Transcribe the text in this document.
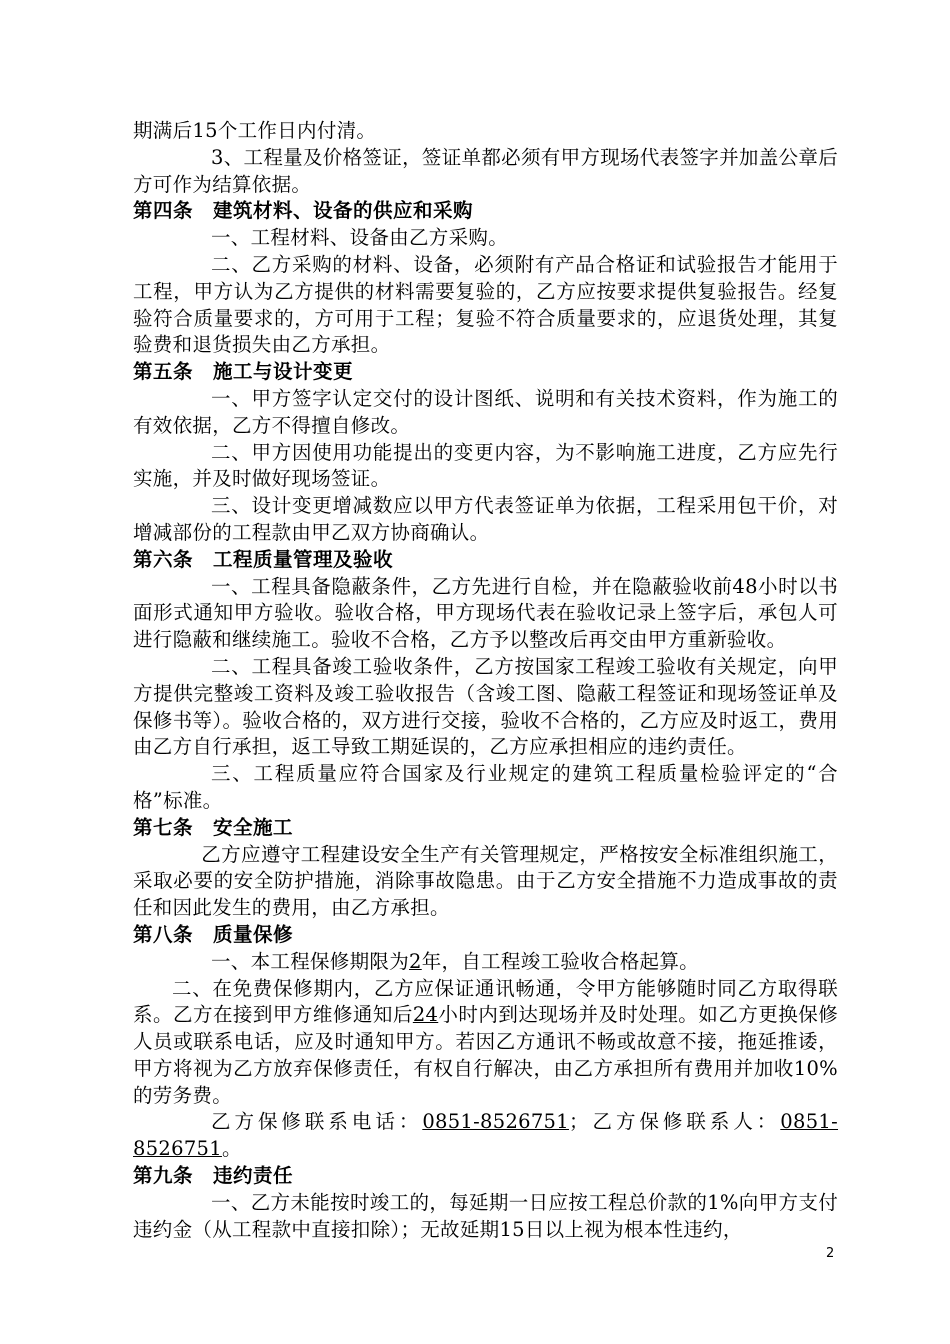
期满后15个工作日内付清。

3、工程量及价格签证，签证单都必须有甲方现场代表签字并加盖公章后方可作为结算依据。

第四条　建筑材料、设备的供应和采购

一、工程材料、设备由乙方采购。

二、乙方采购的材料、设备，必须附有产品合格证和试验报告才能用于工程，甲方认为乙方提供的材料需要复验的，乙方应按要求提供复验报告。经复验符合质量要求的，方可用于工程；复验不符合质量要求的，应退货处理，其复验费和退货损失由乙方承担。

第五条　施工与设计变更

一、甲方签字认定交付的设计图纸、说明和有关技术资料，作为施工的有效依据，乙方不得擅自修改。

二、甲方因使用功能提出的变更内容，为不影响施工进度，乙方应先行实施，并及时做好现场签证。

三、设计变更增减数应以甲方代表签证单为依据，工程采用包干价，对增减部份的工程款由甲乙双方协商确认。

第六条　工程质量管理及验收

一、工程具备隐蔽条件，乙方先进行自检，并在隐蔽验收前48小时以书面形式通知甲方验收。验收合格，甲方现场代表在验收记录上签字后，承包人可进行隐蔽和继续施工。验收不合格，乙方予以整改后再交由甲方重新验收。

二、工程具备竣工验收条件，乙方按国家工程竣工验收有关规定，向甲方提供完整竣工资料及竣工验收报告（含竣工图、隐蔽工程签证和现场签证单及保修书等）。验收合格的，双方进行交接，验收不合格的，乙方应及时返工，费用由乙方自行承担，返工导致工期延误的，乙方应承担相应的违约责任。

三、工程质量应符合国家及行业规定的建筑工程质量检验评定的“合格”标准。

第七条　安全施工

乙方应遵守工程建设安全生产有关管理规定，严格按安全标准组织施工，采取必要的安全防护措施，消除事故隐患。由于乙方安全措施不力造成事故的责任和因此发生的费用，由乙方承担。

第八条　质量保修

一、本工程保修期限为2年，自工程竣工验收合格起算。

二、在免费保修期内，乙方应保证通讯畅通，令甲方能够随时同乙方取得联系。乙方在接到甲方维修通知后24小时内到达现场并及时处理。如乙方更换保修人员或联系电话，应及时通知甲方。若因乙方通讯不畅或故意不接，拖延推诿，甲方将视为乙方放弃保修责任，有权自行解决，由乙方承担所有费用并加收10%的劳务费。

乙方保修联系电话：0851-8526751；乙方保修联系人：0851-8526751。

第九条　违约责任

一、乙方未能按时竣工的，每延期一日应按工程总价款的1%向甲方支付违约金（从工程款中直接扣除）；无故延期15日以上视为根本性违约，

2
